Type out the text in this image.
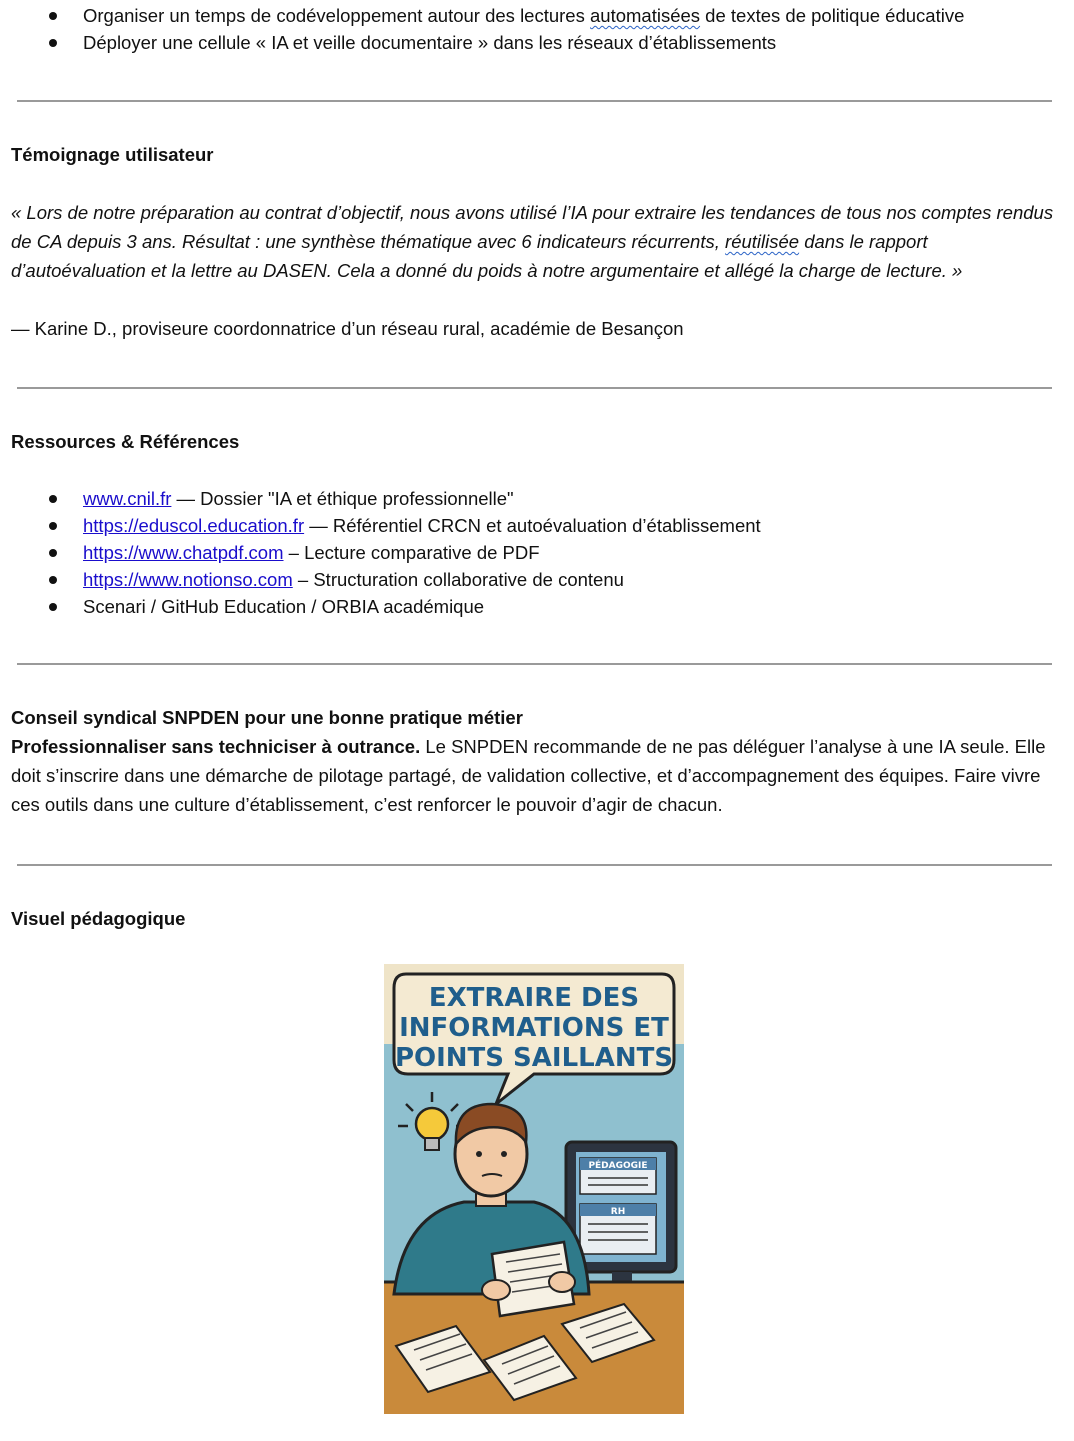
Organiser un temps de codéveloppement autour des lectures automatisées de textes de politique éducative
Déployer une cellule « IA et veille documentaire » dans les réseaux d’établissements
Témoignage utilisateur
« Lors de notre préparation au contrat d’objectif, nous avons utilisé l’IA pour extraire les tendances de tous nos comptes rendus de CA depuis 3 ans. Résultat : une synthèse thématique avec 6 indicateurs récurrents, réutilisée dans le rapport d’autoévaluation et la lettre au DASEN. Cela a donné du poids à notre argumentaire et allégé la charge de lecture. »
— Karine D., proviseure coordonnatrice d’un réseau rural, académie de Besançon
Ressources & Références
www.cnil.fr — Dossier "IA et éthique professionnelle"
https://eduscol.education.fr — Référentiel CRCN et autoévaluation d’établissement
https://www.chatpdf.com – Lecture comparative de PDF
https://www.notionso.com – Structuration collaborative de contenu
Scenari / GitHub Education / ORBIA académique
Conseil syndical SNPDEN pour une bonne pratique métier
Professionnaliser sans techniciser à outrance. Le SNPDEN recommande de ne pas déléguer l’analyse à une IA seule. Elle doit s’inscrire dans une démarche de pilotage partagé, de validation collective, et d’accompagnement des équipes. Faire vivre ces outils dans une culture d’établissement, c’est renforcer le pouvoir d’agir de chacun.
Visuel pédagogique
EXTRAIRE DES
INFORMATIONS ET
POINTS SAILLANTS
PÉDAGOGIE
RH
